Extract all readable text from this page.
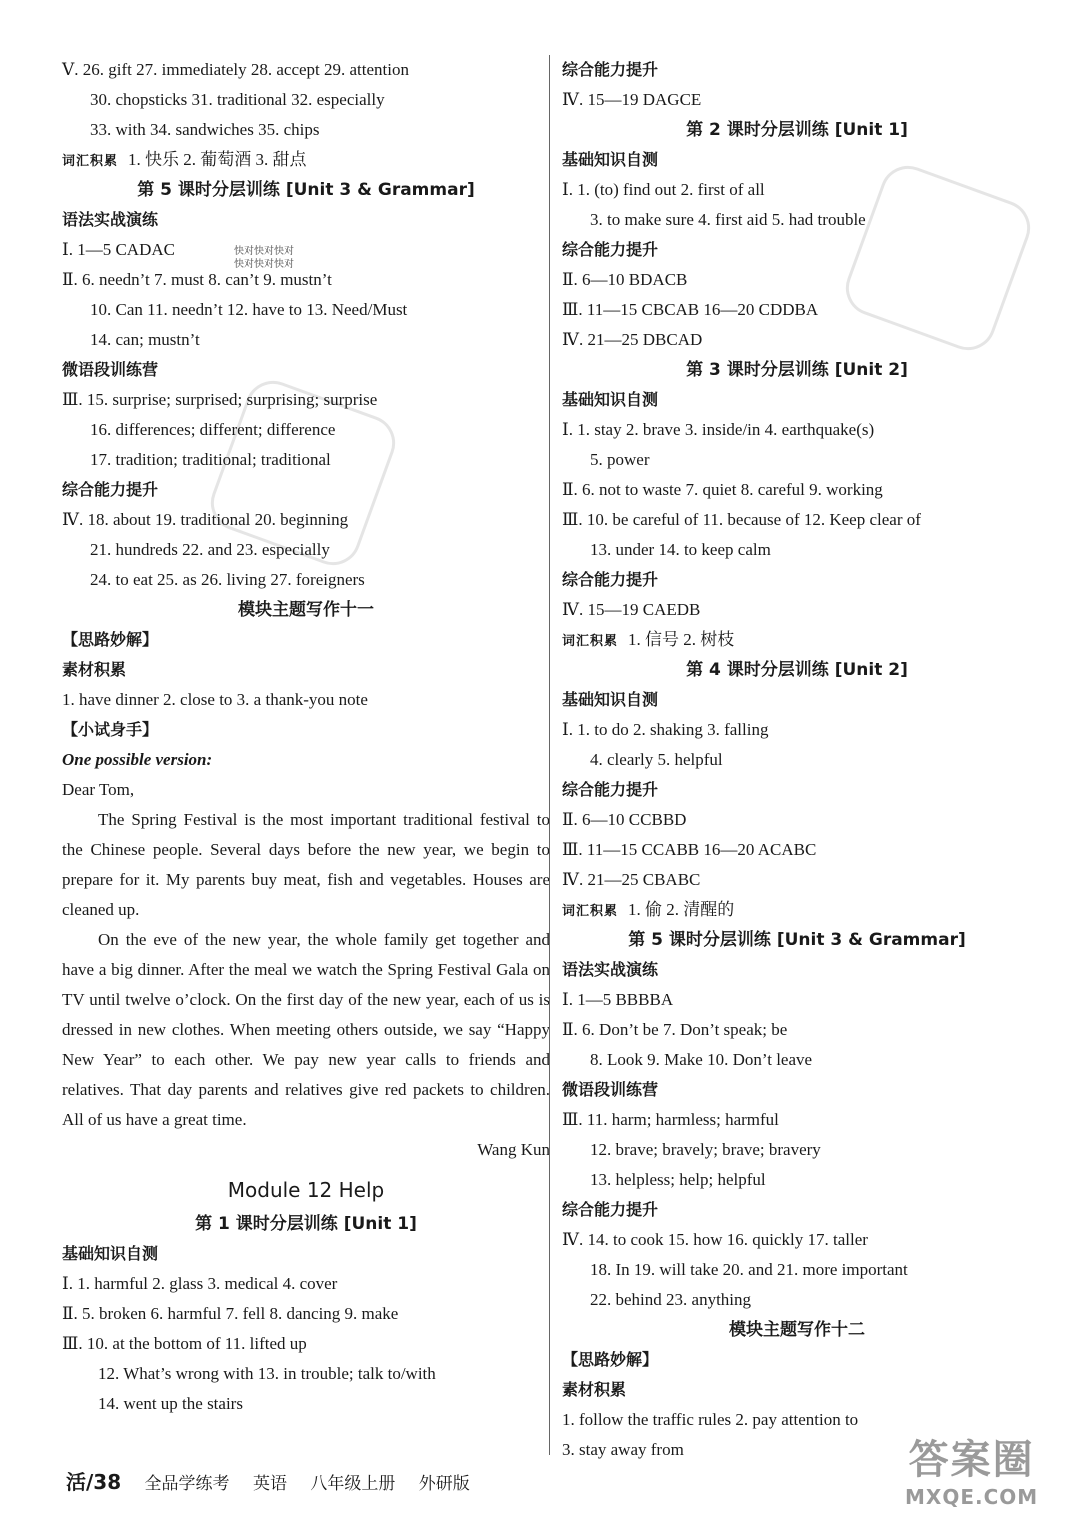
Ⅴ. 26. gift 27. immediately 28. accept 29. attention
30. chopsticks 31. traditional 32. especially
33. with 34. sandwiches 35. chips
词汇积累 1. 快乐 2. 葡萄酒 3. 甜点
第 5 课时分层训练 [Unit 3 & Grammar]
语法实战演练
Ⅰ. 1—5 CADAC
Ⅱ. 6. needn’t 7. must 8. can’t 9. mustn’t
10. Can 11. needn’t 12. have to 13. Need/Must
14. can; mustn’t
微语段训练营
Ⅲ. 15. surprise; surprised; surprising; surprise
16. differences; different; difference
17. tradition; traditional; traditional
综合能力提升
Ⅳ. 18. about 19. traditional 20. beginning
21. hundreds 22. and 23. especially
24. to eat 25. as 26. living 27. foreigners
模块主题写作十一
【思路妙解】
素材积累
1. have dinner 2. close to 3. a thank-you note
【小试身手】
One possible version:
Dear Tom,

The Spring Festival is the most important traditional festival to the Chinese people. Several days before the new year, we begin to prepare for it. My parents buy meat, fish and vegetables. Houses are cleaned up.

On the eve of the new year, the whole family get together and have a big dinner. After the meal we watch the Spring Festival Gala on TV until twelve o’clock. On the first day of the new year, each of us is dressed in new clothes. When meeting others outside, we say “Happy New Year” to each other. We pay new year calls to friends and relatives. That day parents and relatives give red packets to children. All of us have a great time.

Wang Kun
Module 12 Help
第 1 课时分层训练 [Unit 1]
基础知识自测
Ⅰ. 1. harmful 2. glass 3. medical 4. cover
Ⅱ. 5. broken 6. harmful 7. fell 8. dancing 9. make
Ⅲ. 10. at the bottom of 11. lifted up
12. What’s wrong with 13. in trouble; talk to/with
14. went up the stairs
综合能力提升
Ⅳ. 15—19 DAGCE
第 2 课时分层训练 [Unit 1]
基础知识自测
Ⅰ. 1. (to) find out 2. first of all
3. to make sure 4. first aid 5. had trouble
综合能力提升
Ⅱ. 6—10 BDACB
Ⅲ. 11—15 CBCAB 16—20 CDDBA
Ⅳ. 21—25 DBCAD
第 3 课时分层训练 [Unit 2]
基础知识自测
Ⅰ. 1. stay 2. brave 3. inside/in 4. earthquake(s)
5. power
Ⅱ. 6. not to waste 7. quiet 8. careful 9. working
Ⅲ. 10. be careful of 11. because of 12. Keep clear of
13. under 14. to keep calm
综合能力提升
Ⅳ. 15—19 CAEDB
词汇积累 1. 信号 2. 树枝
第 4 课时分层训练 [Unit 2]
基础知识自测
Ⅰ. 1. to do 2. shaking 3. falling
4. clearly 5. helpful
综合能力提升
Ⅱ. 6—10 CCBBD
Ⅲ. 11—15 CCABB 16—20 ACABC
Ⅳ. 21—25 CBABC
词汇积累 1. 偷 2. 清醒的
第 5 课时分层训练 [Unit 3 & Grammar]
语法实战演练
Ⅰ. 1—5 BBBBA
Ⅱ. 6. Don’t be 7. Don’t speak; be
8. Look 9. Make 10. Don’t leave
微语段训练营
Ⅲ. 11. harm; harmless; harmful
12. brave; bravely; brave; bravery
13. helpless; help; helpful
综合能力提升
Ⅳ. 14. to cook 15. how 16. quickly 17. taller
18. In 19. will take 20. and 21. more important
22. behind 23. anything
模块主题写作十二
【思路妙解】
素材积累
1. follow the traffic rules 2. pay attention to
3. stay away from
快对快对快对
快对快对快对
活/38 全品学练考 英语 八年级上册 外研版
答案圈
MXQE.COM
